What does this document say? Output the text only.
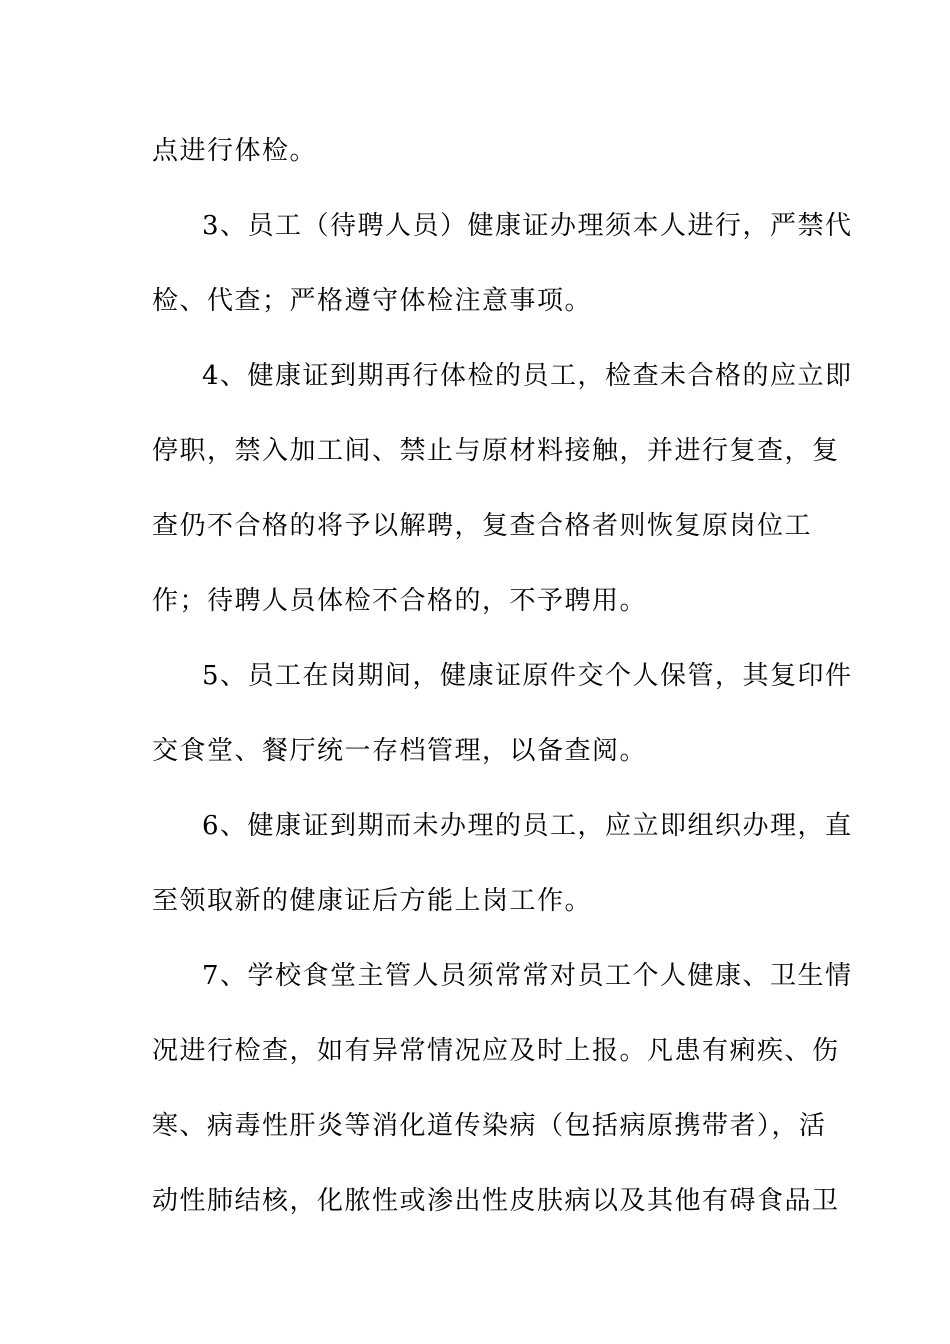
点进行体检。
3、员工（待聘人员）健康证办理须本人进行，严禁代
检、代查；严格遵守体检注意事项。
4、健康证到期再行体检的员工，检查未合格的应立即
停职，禁入加工间、禁止与原材料接触，并进行复查，复
查仍不合格的将予以解聘，复查合格者则恢复原岗位工
作；待聘人员体检不合格的，不予聘用。
5、员工在岗期间，健康证原件交个人保管，其复印件
交食堂、餐厅统一存档管理，以备查阅。
6、健康证到期而未办理的员工，应立即组织办理，直
至领取新的健康证后方能上岗工作。
7、学校食堂主管人员须常常对员工个人健康、卫生情
况进行检查，如有异常情况应及时上报。凡患有痢疾、伤
寒、病毒性肝炎等消化道传染病（包括病原携带者），活
动性肺结核，化脓性或渗出性皮肤病以及其他有碍食品卫
